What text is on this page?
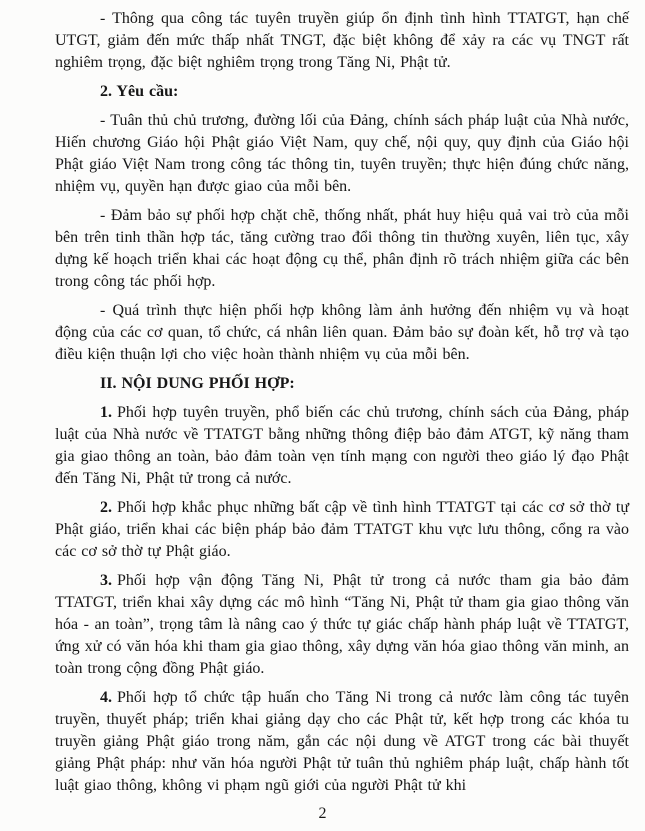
- Thông qua công tác tuyên truyền giúp ổn định tình hình TTATGT, hạn chế UTGT, giảm đến mức thấp nhất TNGT, đặc biệt không để xảy ra các vụ TNGT rất nghiêm trọng, đặc biệt nghiêm trọng trong Tăng Ni, Phật tử.

2. Yêu cầu:

- Tuân thủ chủ trương, đường lối của Đảng, chính sách pháp luật của Nhà nước, Hiến chương Giáo hội Phật giáo Việt Nam, quy chế, nội quy, quy định của Giáo hội Phật giáo Việt Nam trong công tác thông tin, tuyên truyền; thực hiện đúng chức năng, nhiệm vụ, quyền hạn được giao của mỗi bên.

- Đảm bảo sự phối hợp chặt chẽ, thống nhất, phát huy hiệu quả vai trò của mỗi bên trên tinh thần hợp tác, tăng cường trao đổi thông tin thường xuyên, liên tục, xây dựng kế hoạch triển khai các hoạt động cụ thể, phân định rõ trách nhiệm giữa các bên trong công tác phối hợp.

- Quá trình thực hiện phối hợp không làm ảnh hưởng đến nhiệm vụ và hoạt động của các cơ quan, tổ chức, cá nhân liên quan. Đảm bảo sự đoàn kết, hỗ trợ và tạo điều kiện thuận lợi cho việc hoàn thành nhiệm vụ của mỗi bên.

II. NỘI DUNG PHỐI HỢP:

1. Phối hợp tuyên truyền, phổ biến các chủ trương, chính sách của Đảng, pháp luật của Nhà nước về TTATGT bằng những thông điệp bảo đảm ATGT, kỹ năng tham gia giao thông an toàn, bảo đảm toàn vẹn tính mạng con người theo giáo lý đạo Phật đến Tăng Ni, Phật tử trong cả nước.

2. Phối hợp khắc phục những bất cập về tình hình TTATGT tại các cơ sở thờ tự Phật giáo, triển khai các biện pháp bảo đảm TTATGT khu vực lưu thông, cổng ra vào các cơ sở thờ tự Phật giáo.

3. Phối hợp vận động Tăng Ni, Phật tử trong cả nước tham gia bảo đảm TTATGT, triển khai xây dựng các mô hình “Tăng Ni, Phật tử tham gia giao thông văn hóa - an toàn”, trọng tâm là nâng cao ý thức tự giác chấp hành pháp luật về TTATGT, ứng xử có văn hóa khi tham gia giao thông, xây dựng văn hóa giao thông văn minh, an toàn trong cộng đồng Phật giáo.

4. Phối hợp tổ chức tập huấn cho Tăng Ni trong cả nước làm công tác tuyên truyền, thuyết pháp; triển khai giảng dạy cho các Phật tử, kết hợp trong các khóa tu truyền giảng Phật giáo trong năm, gắn các nội dung về ATGT trong các bài thuyết giảng Phật pháp: như văn hóa người Phật tử tuân thủ nghiêm pháp luật, chấp hành tốt luật giao thông, không vi phạm ngũ giới của người Phật tử khi

2
